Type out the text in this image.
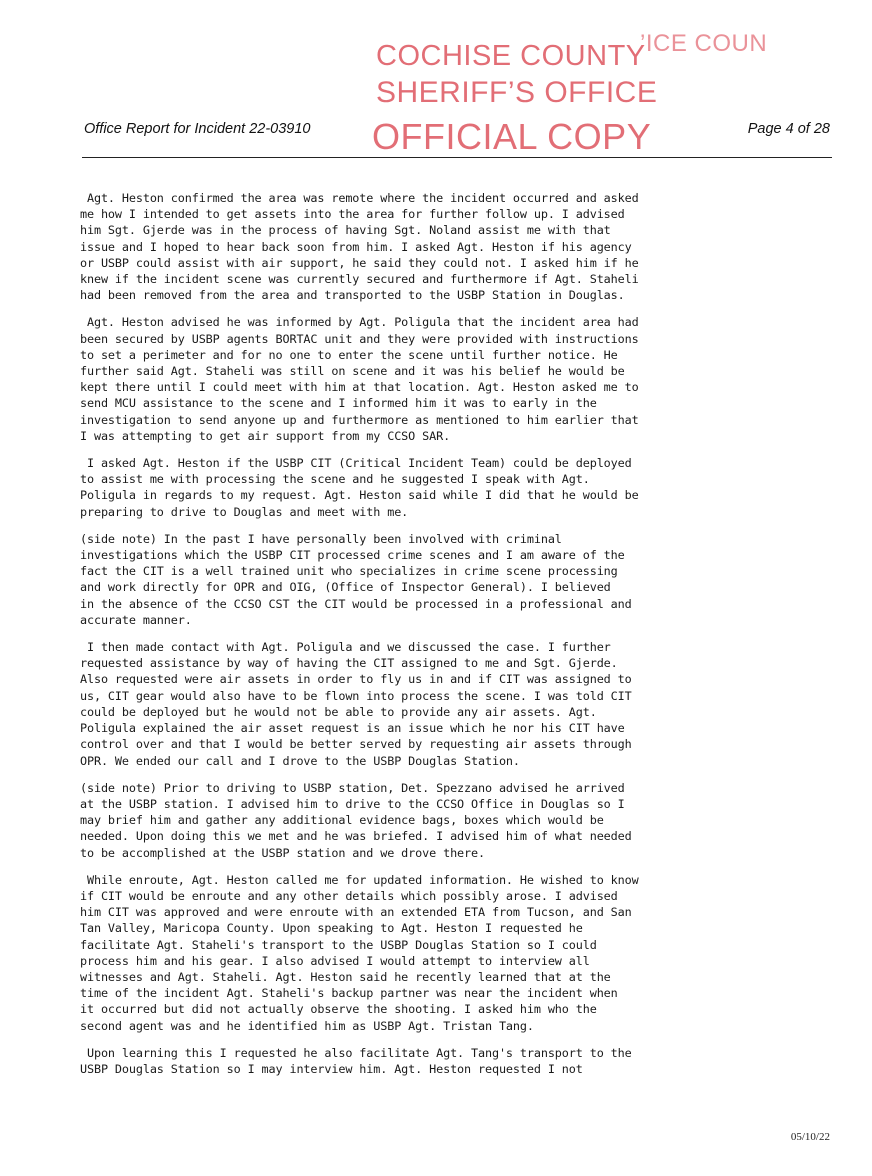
COCHISE COUNTY
’ICE COUN
SHERIFF’S OFFICE
OFFICIAL COPY
Office Report for Incident 22-03910	Page 4 of 28

Agt. Heston confirmed the area was remote where the incident occurred and asked
me how I intended to get assets into the area for further follow up. I advised
him Sgt. Gjerde was in the process of having Sgt. Noland assist me with that
issue and I hoped to hear back soon from him. I asked Agt. Heston if his agency
or USBP could assist with air support, he said they could not. I asked him if he
knew if the incident scene was currently secured and furthermore if Agt. Staheli
had been removed from the area and transported to the USBP Station in Douglas.

Agt. Heston advised he was informed by Agt. Poligula that the incident area had
been secured by USBP agents BORTAC unit and they were provided with instructions
to set a perimeter and for no one to enter the scene until further notice. He
further said Agt. Staheli was still on scene and it was his belief he would be
kept there until I could meet with him at that location. Agt. Heston asked me to
send MCU assistance to the scene and I informed him it was to early in the
investigation to send anyone up and furthermore as mentioned to him earlier that
I was attempting to get air support from my CCSO SAR.

I asked Agt. Heston if the USBP CIT (Critical Incident Team) could be deployed
to assist me with processing the scene and he suggested I speak with Agt.
Poligula in regards to my request. Agt. Heston said while I did that he would be
preparing to drive to Douglas and meet with me.

(side note) In the past I have personally been involved with criminal
investigations which the USBP CIT processed crime scenes and I am aware of the
fact the CIT is a well trained unit who specializes in crime scene processing
and work directly for OPR and OIG, (Office of Inspector General). I believed
in the absence of the CCSO CST the CIT would be processed in a professional and
accurate manner.

I then made contact with Agt. Poligula and we discussed the case. I further
requested assistance by way of having the CIT assigned to me and Sgt. Gjerde.
Also requested were air assets in order to fly us in and if CIT was assigned to
us, CIT gear would also have to be flown into process the scene. I was told CIT
could be deployed but he would not be able to provide any air assets. Agt.
Poligula explained the air asset request is an issue which he nor his CIT have
control over and that I would be better served by requesting air assets through
OPR. We ended our call and I drove to the USBP Douglas Station.

(side note) Prior to driving to USBP station, Det. Spezzano advised he arrived
at the USBP station. I advised him to drive to the CCSO Office in Douglas so I
may brief him and gather any additional evidence bags, boxes which would be
needed. Upon doing this we met and he was briefed. I advised him of what needed
to be accomplished at the USBP station and we drove there.

While enroute, Agt. Heston called me for updated information. He wished to know
if CIT would be enroute and any other details which possibly arose. I advised
him CIT was approved and were enroute with an extended ETA from Tucson, and San
Tan Valley, Maricopa County. Upon speaking to Agt. Heston I requested he
facilitate Agt. Staheli's transport to the USBP Douglas Station so I could
process him and his gear. I also advised I would attempt to interview all
witnesses and Agt. Staheli. Agt. Heston said he recently learned that at the
time of the incident Agt. Staheli's backup partner was near the incident when
it occurred but did not actually observe the shooting. I asked him who the
second agent was and he identified him as USBP Agt. Tristan Tang.

Upon learning this I requested he also facilitate Agt. Tang's transport to the
USBP Douglas Station so I may interview him. Agt. Heston requested I not

05/10/22
